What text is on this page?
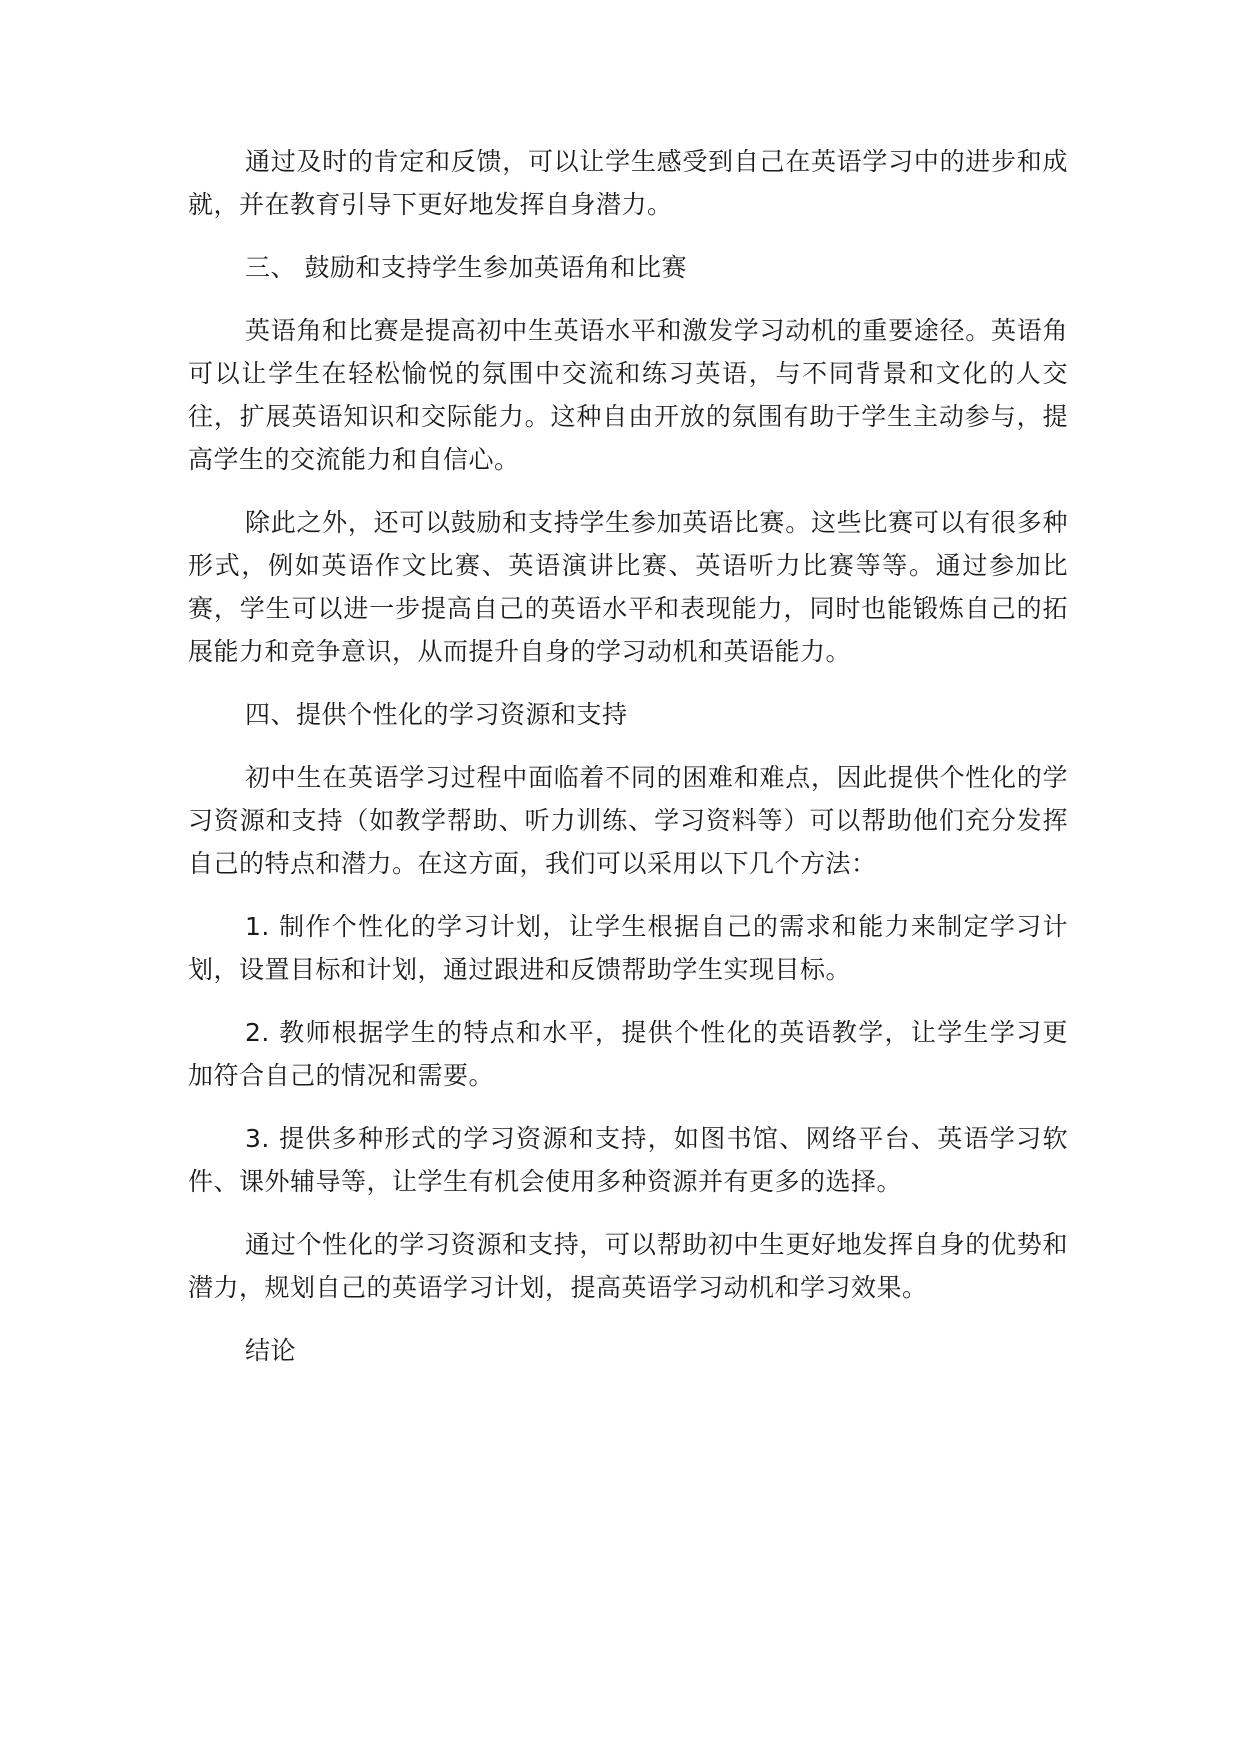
通过及时的肯定和反馈，可以让学生感受到自己在英语学习中的进步和成就，并在教育引导下更好地发挥自身潜力。

三、 鼓励和支持学生参加英语角和比赛

英语角和比赛是提高初中生英语水平和激发学习动机的重要途径。英语角可以让学生在轻松愉悦的氛围中交流和练习英语，与不同背景和文化的人交往，扩展英语知识和交际能力。这种自由开放的氛围有助于学生主动参与，提高学生的交流能力和自信心。

除此之外，还可以鼓励和支持学生参加英语比赛。这些比赛可以有很多种形式，例如英语作文比赛、英语演讲比赛、英语听力比赛等等。通过参加比赛，学生可以进一步提高自己的英语水平和表现能力，同时也能锻炼自己的拓展能力和竞争意识，从而提升自身的学习动机和英语能力。

四、提供个性化的学习资源和支持

初中生在英语学习过程中面临着不同的困难和难点，因此提供个性化的学习资源和支持（如教学帮助、听力训练、学习资料等）可以帮助他们充分发挥自己的特点和潜力。在这方面，我们可以采用以下几个方法：

1. 制作个性化的学习计划，让学生根据自己的需求和能力来制定学习计划，设置目标和计划，通过跟进和反馈帮助学生实现目标。

2. 教师根据学生的特点和水平，提供个性化的英语教学，让学生学习更加符合自己的情况和需要。

3. 提供多种形式的学习资源和支持，如图书馆、网络平台、英语学习软件、课外辅导等，让学生有机会使用多种资源并有更多的选择。

通过个性化的学习资源和支持，可以帮助初中生更好地发挥自身的优势和潜力，规划自己的英语学习计划，提高英语学习动机和学习效果。

结论
